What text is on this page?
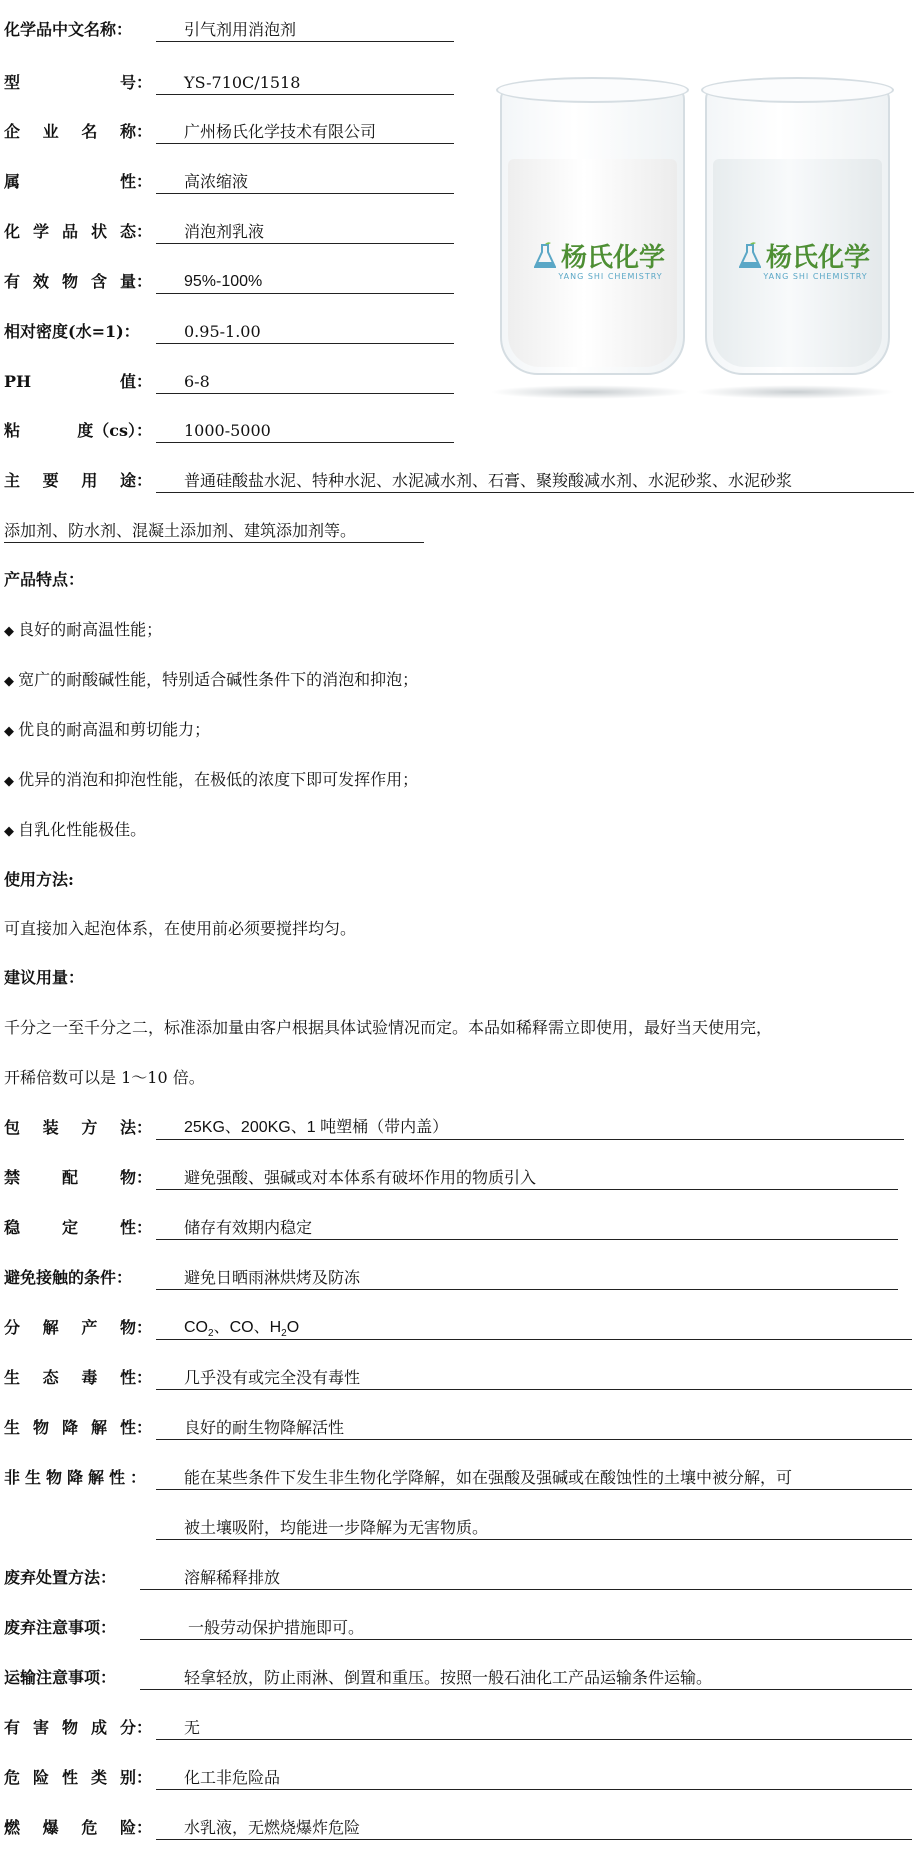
化学品中文名称：	引气剂用消泡剂
型	号：	YS-710C/1518
企 业 名 称：	广州杨氏化学技术有限公司
属	性：	高浓缩液
化 学 品 状 态：	消泡剂乳液
有 效 物 含 量：	95%-100%
相对密度(水=1)：	0.95-1.00
PH	值：	6-8
粘	度（cs）：	1000-5000
杨氏化学
YANG SHI CHEMISTRY
杨氏化学
YANG SHI CHEMISTRY
主 要 用 途：	普通硅酸盐水泥、特种水泥、水泥减水剂、石膏、聚羧酸减水剂、水泥砂浆、水泥砂浆
添加剂、防水剂、混凝土添加剂、建筑添加剂等。
产品特点：
◆ 良好的耐高温性能；
◆ 宽广的耐酸碱性能，特别适合碱性条件下的消泡和抑泡；
◆ 优良的耐高温和剪切能力；
◆ 优异的消泡和抑泡性能，在极低的浓度下即可发挥作用；
◆ 自乳化性能极佳。
使用方法:
可直接加入起泡体系，在使用前必须要搅拌均匀。
建议用量：
千分之一至千分之二，标准添加量由客户根据具体试验情况而定。本品如稀释需立即使用，最好当天使用完，
开稀倍数可以是 1～10 倍。
包 装 方 法：	25KG、200KG、1 吨塑桶（带内盖）
禁	配	物：	避免强酸、强碱或对本体系有破坏作用的物质引入
稳	定	性：	储存有效期内稳定
避免接触的条件：	避免日晒雨淋烘烤及防冻
分 解 产 物：	$CO_2$、CO、$H_2O$
生 态 毒 性：	几乎没有或完全没有毒性
生 物 降 解 性：	良好的耐生物降解活性
非生物降解性：	能在某些条件下发生非生物化学降解，如在强酸及强碱或在酸蚀性的土壤中被分解，可
被土壤吸附，均能进一步降解为无害物质。
废弃处置方法：	溶解稀释排放
废弃注意事项：	一般劳动保护措施即可。
运输注意事项：	轻拿轻放，防止雨淋、倒置和重压。按照一般石油化工产品运输条件运输。
有 害 物 成 分：	无
危 险 性 类 别：	化工非危险品
燃 爆 危 险：	水乳液，无燃烧爆炸危险
